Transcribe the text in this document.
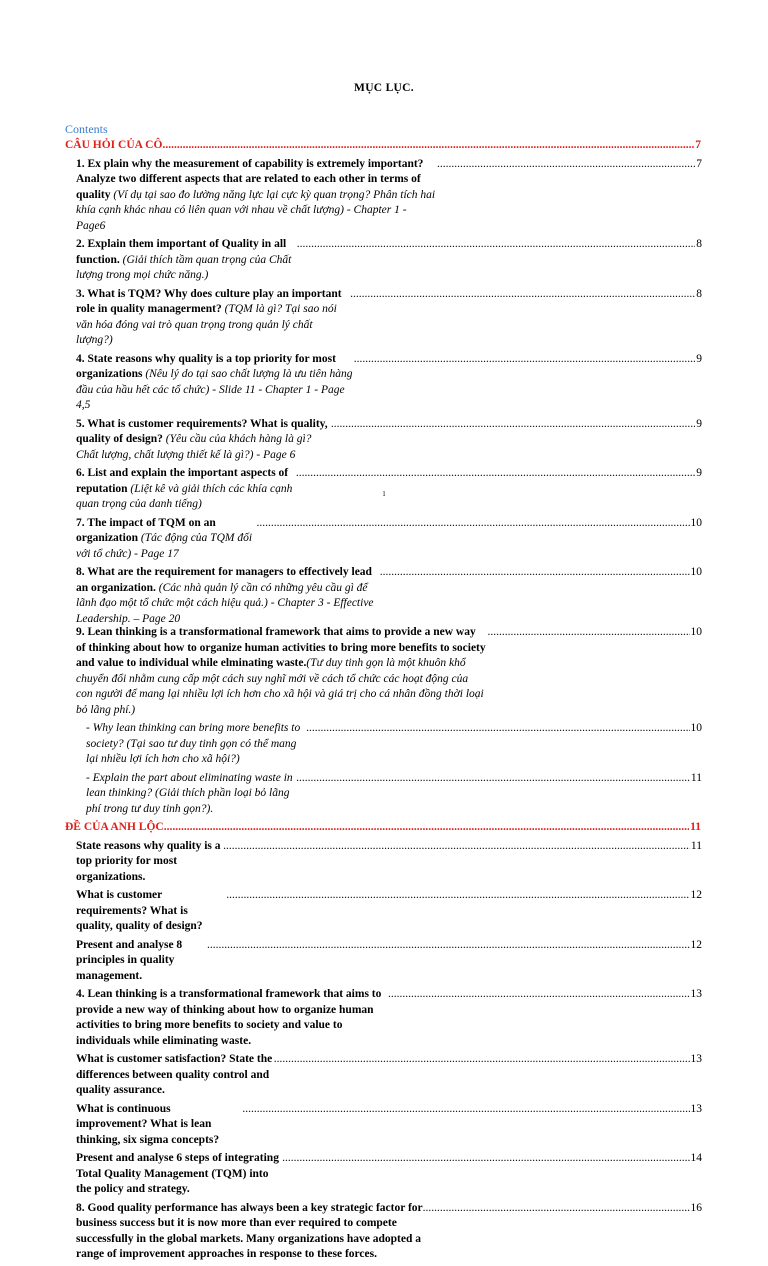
MỤC LỤC.
Contents
CÂU HỎI CỦA CÔ .....	7
1. Ex plain why the measurement of capability is extremely important? Analyze two different aspects that are related to each other in terms of quality (Ví dụ tại sao đo lường năng lực lại cực kỳ quan trọng? Phân tích hai khía cạnh khác nhau có liên quan với nhau về chất lượng) - Chapter 1 - Page6
.....
7
2. Explain them important of Quality in all function. (Giải thích tầm quan trọng của Chất lượng trong mọi chức năng.)
.....
8
3. What is TQM? Why does culture play an important role in quality managerment? (TQM là gì? Tại sao nói văn hóa đóng vai trò quan trọng trong quản lý chất lượng?)
.....
8
4. State reasons why quality is a top priority for most organizations (Nêu lý do tại sao chất lượng là ưu tiên hàng đầu của hầu hết các tổ chức) - Slide 11 - Chapter 1 - Page 4,5
.....
9
5. What is customer requirements? What is quality, quality of design? (Yêu cầu của khách hàng là gì? Chất lượng, chất lượng thiết kế là gì?) - Page 6
.....
9
6. List and explain the important aspects of reputation (Liệt kê và giải thích các khía cạnh quan trọng của danh tiếng)
.....
9
7. The impact of TQM on an organization (Tác động của TQM đối với tổ chức) - Page 17
.....
10
8. What are the requirement for managers to effectively lead an organization. (Các nhà quản lý cần có những yêu cầu gì để lãnh đạo một tổ chức một cách hiệu quả.) - Chapter 3 - Effective Leadership. – Page 20
.....
10
1
9. Lean thinking is a transformational framework that aims to provide a new way of thinking about how to organize human activities to bring more benefits to society and value to individual while elminating waste.(Tư duy tinh gọn là một khuôn khổ chuyển đổi nhằm cung cấp một cách suy nghĩ mới về cách tổ chức các hoạt động của con người để mang lại nhiều lợi ích hơn cho xã hội và giá trị cho cá nhân đồng thời loại bỏ lãng phí.)
.....
10
- Why lean thinking can bring more benefits to society? (Tại sao tư duy tinh gọn có thể mang lại nhiều lợi ích hơn cho xã hội?)
.....
10
- Explain the part about eliminating waste in lean thinking? (Giải thích phần loại bỏ lãng phí trong tư duy tinh gọn?).
.....
11
ĐỀ CỦA ANH LỘC .....	11
State reasons why quality is a top priority for most organizations.
.....
11
What is customer requirements? What is quality, quality of design?
.....
12
Present and analyse 8 principles in quality management.
.....
12
4. Lean thinking is a transformational framework that aims to provide a new way of thinking about how to organize human activities to bring more benefits to society and value to individuals while eliminating waste.
.....
13
What is customer satisfaction? State the differences between quality control and quality assurance.
.....
13
What is continuous improvement? What is lean thinking, six sigma concepts?
.....
13
Present and analyse 6 steps of integrating Total Quality Management (TQM) into the policy and strategy.
.....
14
8. Good quality performance has always been a key strategic factor for business success but it is now more than ever required to compete successfully in the global markets. Many organizations have adopted a range of improvement approaches in response to these forces.
.....
16
